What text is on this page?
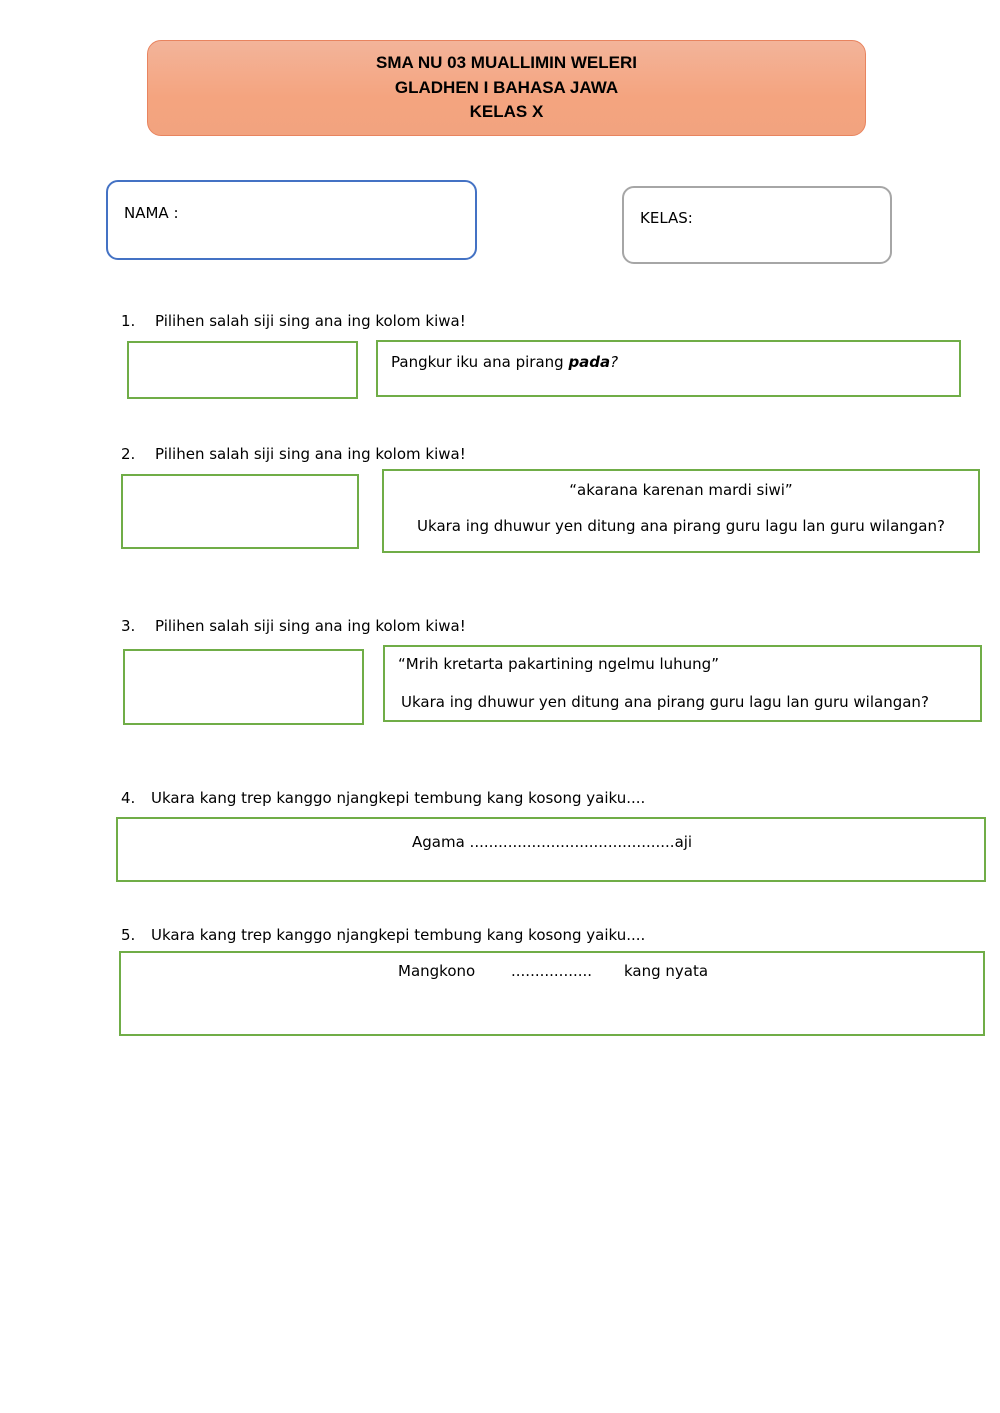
SMA NU 03 MUALLIMIN WELERI
GLADHEN I BAHASA JAWA
KELAS X
NAMA :	KELAS:
1. Pilihen salah siji sing ana ing kolom kiwa!
Pangkur iku ana pirang pada?
2. Pilihen salah siji sing ana ing kolom kiwa!
“akarana karenan mardi siwi”
Ukara ing dhuwur yen ditung ana pirang guru lagu lan guru wilangan?
3. Pilihen salah siji sing ana ing kolom kiwa!
“Mrih kretarta pakartining ngelmu luhung”
Ukara ing dhuwur yen ditung ana pirang guru lagu lan guru wilangan?
4. Ukara kang trep kanggo njangkepi tembung kang kosong yaiku....
Agama ...........................................aji
5. Ukara kang trep kanggo njangkepi tembung kang kosong yaiku....
Mangkono ................. kang nyata
